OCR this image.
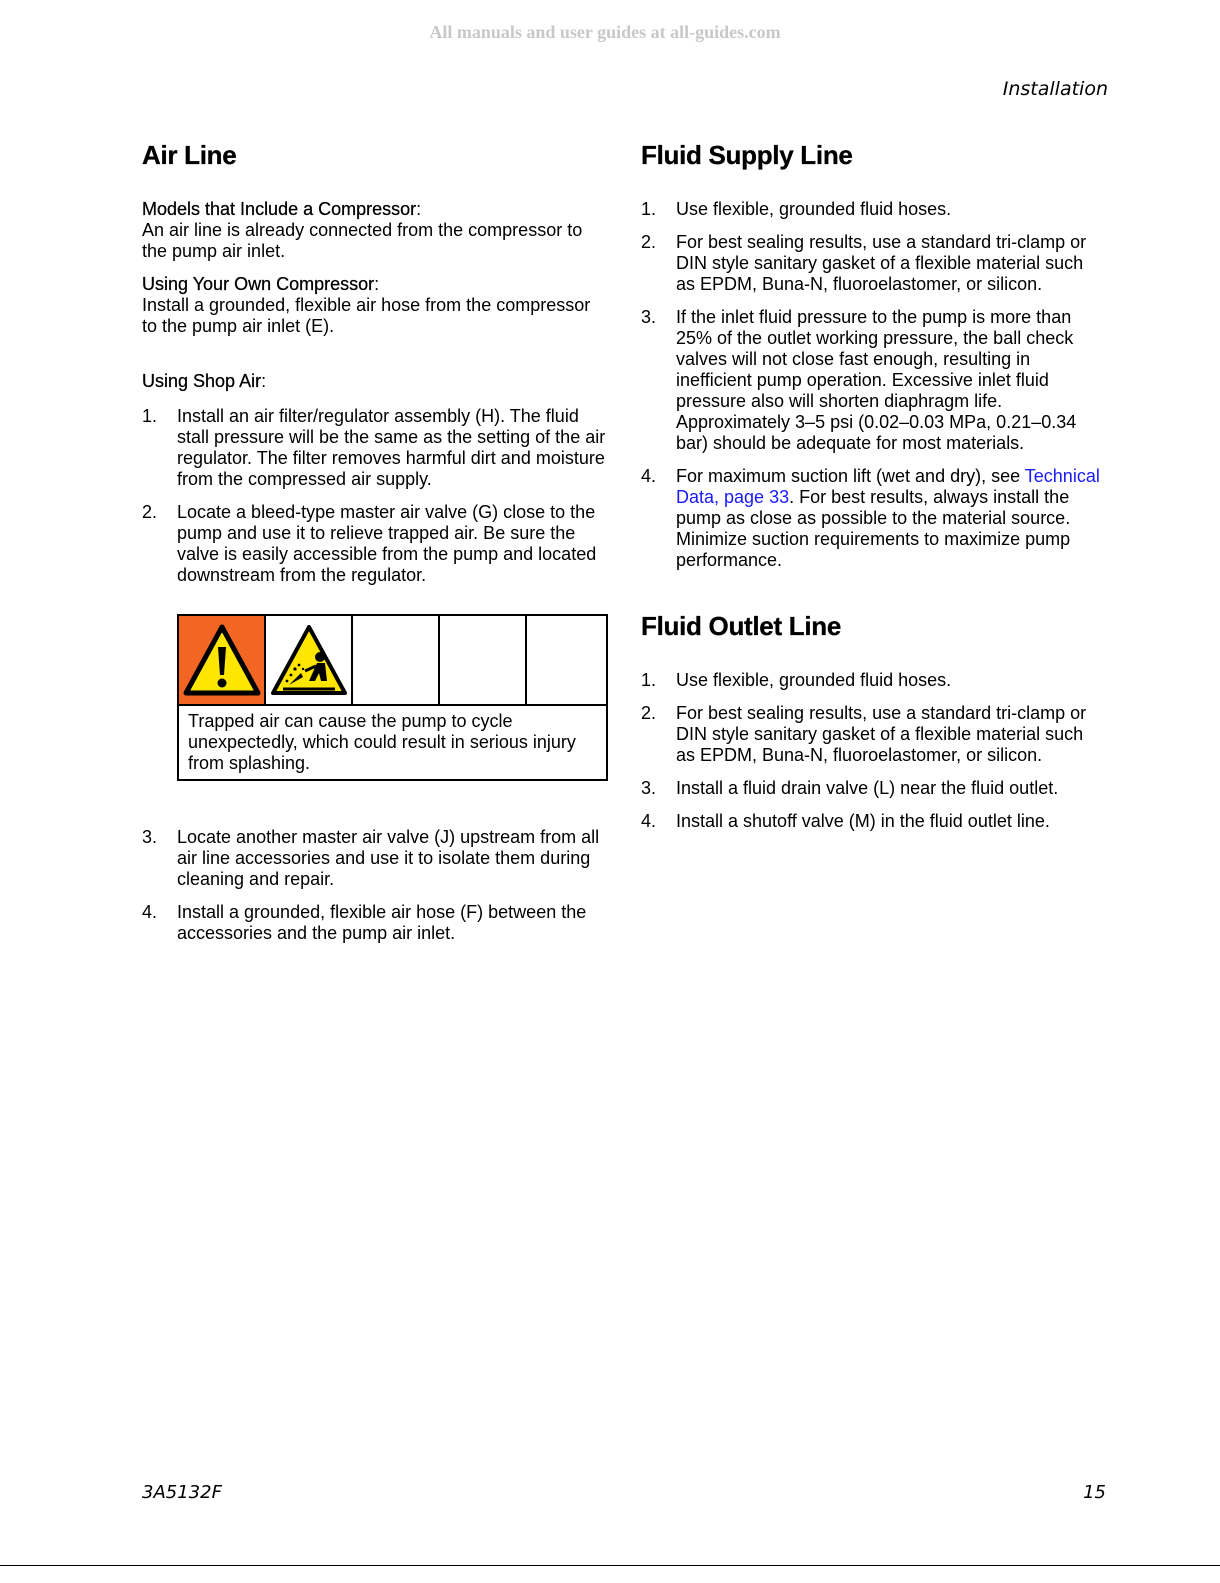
All manuals and user guides at all-guides.com
Installation
Air Line
Models that Include a Compressor:

An air line is already connected from the compressor to the pump air inlet.

Using Your Own Compressor:

Install a grounded, flexible air hose from the compressor to the pump air inlet (E).

Using Shop Air:
1. Install an air filter/regulator assembly (H). The fluid stall pressure will be the same as the setting of the air regulator. The filter removes harmful dirt and moisture from the compressed air supply.
2. Locate a bleed-type master air valve (G) close to the pump and use it to relieve trapped air. Be sure the valve is easily accessible from the pump and located downstream from the regulator.
Trapped air can cause the pump to cycle unexpectedly, which could result in serious injury from splashing.
3. Locate another master air valve (J) upstream from all air line accessories and use it to isolate them during cleaning and repair.
4. Install a grounded, flexible air hose (F) between the accessories and the pump air inlet.
Fluid Supply Line
1. Use flexible, grounded fluid hoses.
2. For best sealing results, use a standard tri-clamp or DIN style sanitary gasket of a flexible material such as EPDM, Buna-N, fluoroelastomer, or silicon.
3. If the inlet fluid pressure to the pump is more than 25% of the outlet working pressure, the ball check valves will not close fast enough, resulting in inefficient pump operation. Excessive inlet fluid pressure also will shorten diaphragm life. Approximately 3–5 psi (0.02–0.03 MPa, 0.21–0.34 bar) should be adequate for most materials.
4. For maximum suction lift (wet and dry), see Technical Data, page 33. For best results, always install the pump as close as possible to the material source. Minimize suction requirements to maximize pump performance.
Fluid Outlet Line
1. Use flexible, grounded fluid hoses.
2. For best sealing results, use a standard tri-clamp or DIN style sanitary gasket of a flexible material such as EPDM, Buna-N, fluoroelastomer, or silicon.
3. Install a fluid drain valve (L) near the fluid outlet.
4. Install a shutoff valve (M) in the fluid outlet line.
3A5132F	15
